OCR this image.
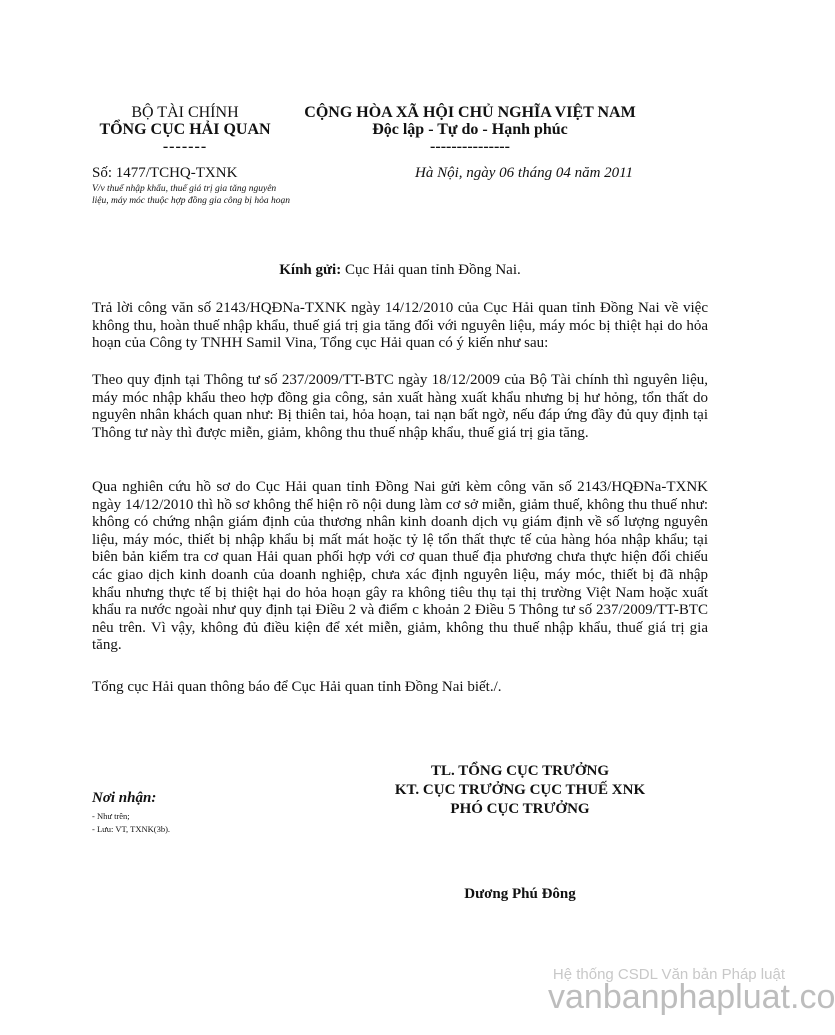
BỘ TÀI CHÍNH
TỔNG CỤC HẢI QUAN
-------
CỘNG HÒA XÃ HỘI CHỦ NGHĨA VIỆT NAM
Độc lập - Tự do - Hạnh phúc
---------------
Số: 1477/TCHQ-TXNK
V/v thuế nhập khẩu, thuế giá trị gia tăng nguyên liệu, máy móc thuộc hợp đồng gia công bị hỏa hoạn
Hà Nội, ngày 06 tháng 04 năm 2011
Kính gửi: Cục Hải quan tỉnh Đồng Nai.
Trả lời công văn số 2143/HQĐNa-TXNK ngày 14/12/2010 của Cục Hải quan tỉnh Đồng Nai về việc không thu, hoàn thuế nhập khẩu, thuế giá trị gia tăng đối với nguyên liệu, máy móc bị thiệt hại do hỏa hoạn của Công ty TNHH Samil Vina, Tổng cục Hải quan có ý kiến như sau:
Theo quy định tại Thông tư số 237/2009/TT-BTC ngày 18/12/2009 của Bộ Tài chính thì nguyên liệu, máy móc nhập khẩu theo hợp đồng gia công, sản xuất hàng xuất khẩu nhưng bị hư hỏng, tổn thất do nguyên nhân khách quan như: Bị thiên tai, hỏa hoạn, tai nạn bất ngờ, nếu đáp ứng đầy đủ quy định tại Thông tư này thì được miễn, giảm, không thu thuế nhập khẩu, thuế giá trị gia tăng.
Qua nghiên cứu hồ sơ do Cục Hải quan tỉnh Đồng Nai gửi kèm công văn số 2143/HQĐNa-TXNK ngày 14/12/2010 thì hồ sơ không thể hiện rõ nội dung làm cơ sở miễn, giảm thuế, không thu thuế như: không có chứng nhận giám định của thương nhân kinh doanh dịch vụ giám định về số lượng nguyên liệu, máy móc, thiết bị nhập khẩu bị mất mát hoặc tỷ lệ tổn thất thực tế của hàng hóa nhập khẩu; tại biên bản kiểm tra cơ quan Hải quan phối hợp với cơ quan thuế địa phương chưa thực hiện đối chiếu các giao dịch kinh doanh của doanh nghiệp, chưa xác định nguyên liệu, máy móc, thiết bị đã nhập khẩu nhưng thực tế bị thiệt hại do hỏa hoạn gây ra không tiêu thụ tại thị trường Việt Nam hoặc xuất khẩu ra nước ngoài như quy định tại Điều 2 và điểm c khoản 2 Điều 5 Thông tư số 237/2009/TT-BTC nêu trên. Vì vậy, không đủ điều kiện để xét miễn, giảm, không thu thuế nhập khẩu, thuế giá trị gia tăng.
Tổng cục Hải quan thông báo để Cục Hải quan tỉnh Đồng Nai biết./.
TL. TỔNG CỤC TRƯỞNG
KT. CỤC TRƯỞNG CỤC THUẾ XNK
PHÓ CỤC TRƯỞNG
Dương Phú Đông
Nơi nhận:
- Như trên;
- Lưu: VT, TXNK(3b).
Hệ thống CSDL Văn bản Pháp luật
vanbanphapluat.co
